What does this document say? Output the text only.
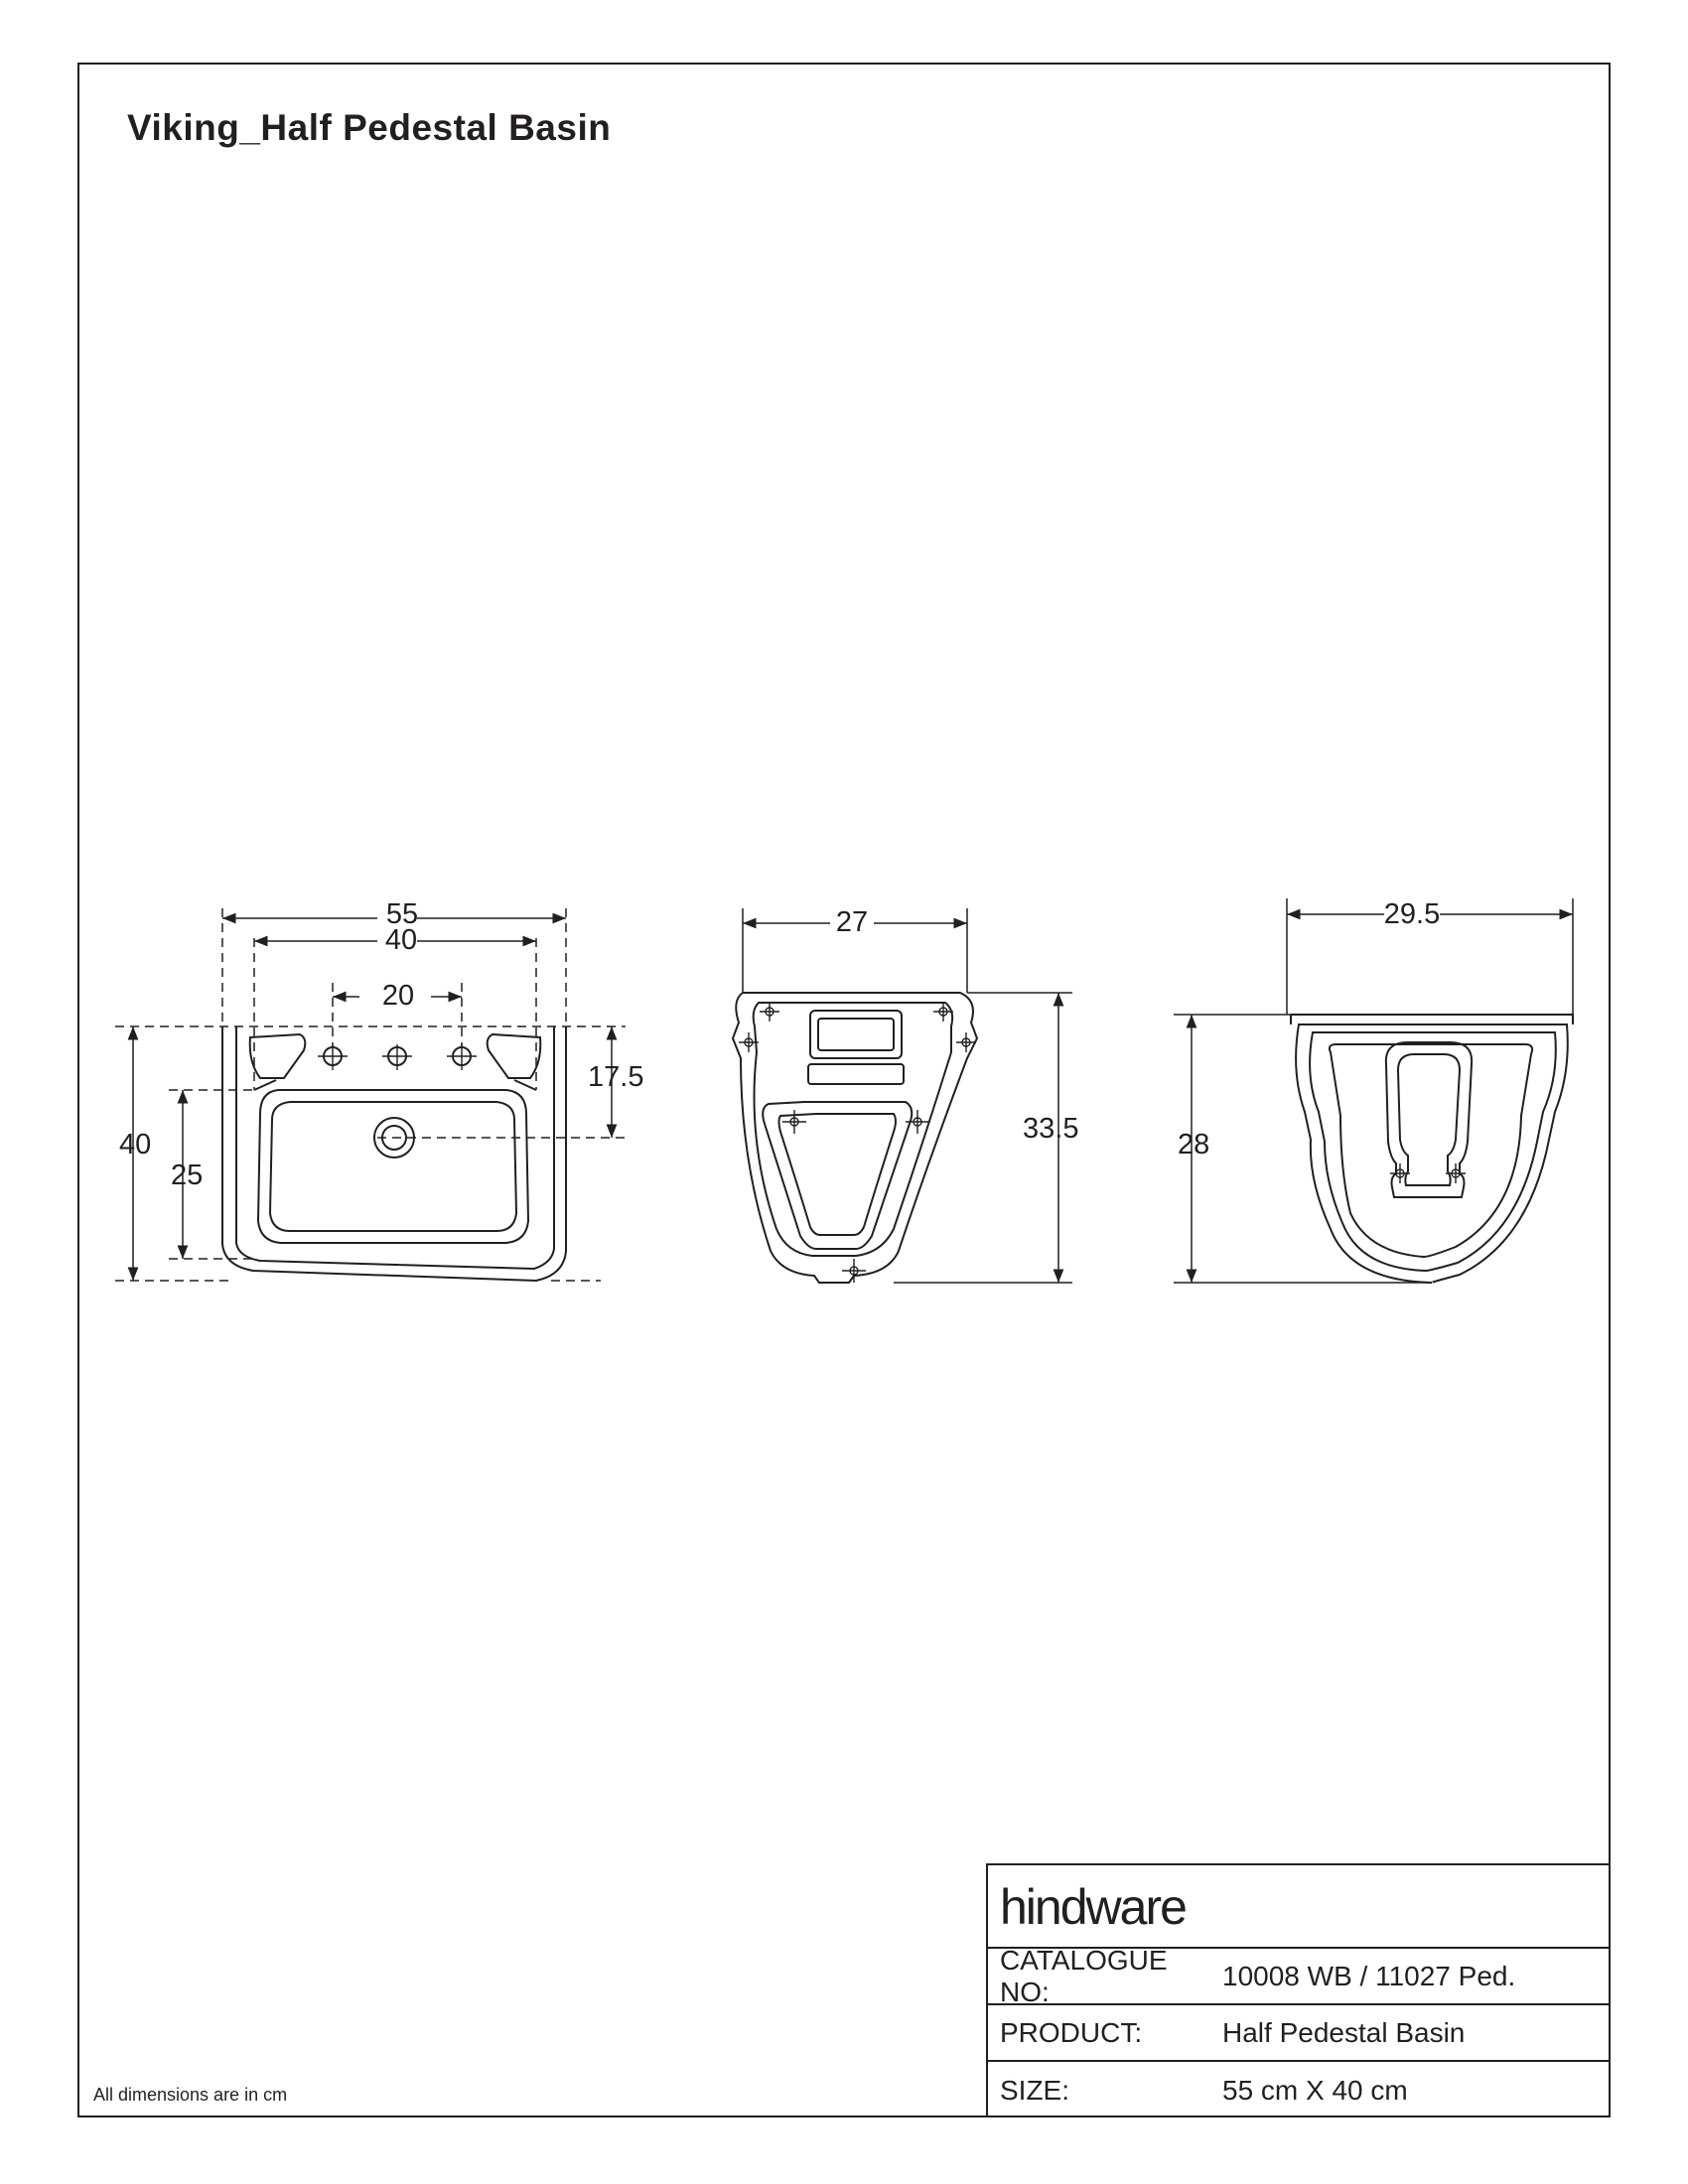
Viking_Half Pedestal Basin
55
40
20
40
25
17.5
27
33.5
29.5
28
All dimensions are in cm
hindware
CATALOGUE NO:
10008 WB / 11027 Ped.
PRODUCT:	Half Pedestal Basin
SIZE:	55 cm X 40 cm
